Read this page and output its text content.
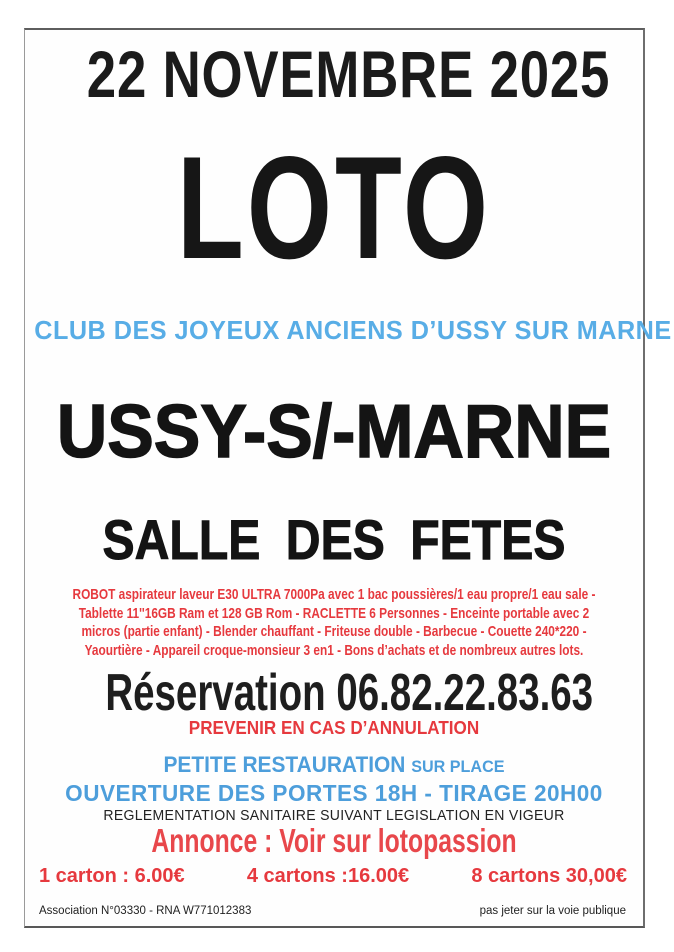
22 NOVEMBRE 2025
LOTO
CLUB DES JOYEUX ANCIENS D’USSY SUR MARNE
USSY-S/-MARNE
SALLE DES FETES
ROBOT aspirateur laveur E30 ULTRA 7000Pa avec 1 bac poussières/1 eau propre/1 eau sale -
Tablette 11''16GB Ram et 128 GB Rom - RACLETTE 6 Personnes - Enceinte portable avec 2
micros (partie enfant) - Blender chauffant - Friteuse double - Barbecue - Couette 240*220 -
Yaourtière - Appareil croque-monsieur 3 en1 - Bons d’achats et de nombreux autres lots.
Réservation 06.82.22.83.63
PREVENIR EN CAS D’ANNULATION
PETITE RESTAURATION SUR PLACE
OUVERTURE DES PORTES 18H - TIRAGE 20H00
REGLEMENTATION SANITAIRE SUIVANT LEGISLATION EN VIGEUR
Annonce : Voir sur lotopassion
1 carton : 6.00€	4 cartons :16.00€	8 cartons 30,00€
Association N°03330 - RNA W771012383	pas jeter sur la voie publique
